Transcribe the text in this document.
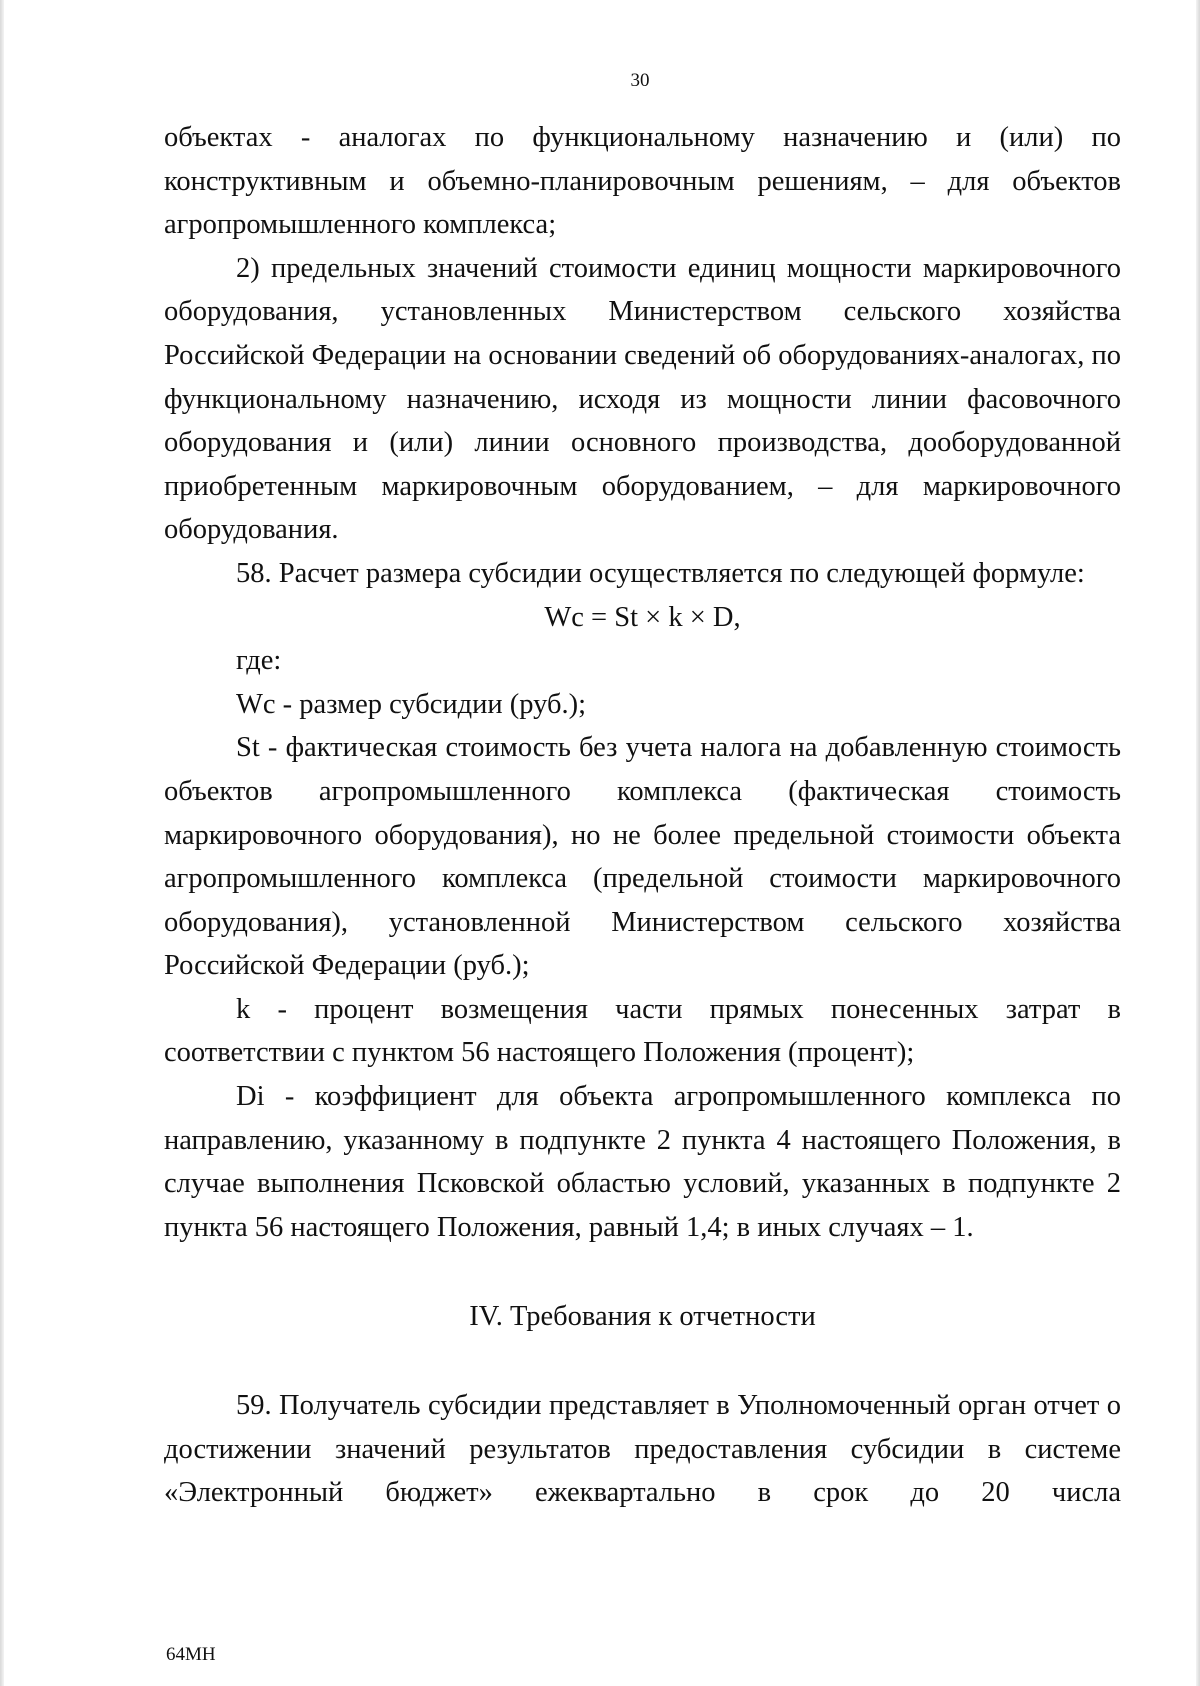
30

объектах - аналогах по функциональному назначению и (или) по конструктивным и объемно-планировочным решениям, – для объектов агропромышленного комплекса;

2) предельных значений стоимости единиц мощности маркировочного оборудования, установленных Министерством сельского хозяйства Российской Федерации на основании сведений об оборудованиях-аналогах, по функциональному назначению, исходя из мощности линии фасовочного оборудования и (или) линии основного производства, дооборудованной приобретенным маркировочным оборудованием, – для маркировочного оборудования.

58. Расчет размера субсидии осуществляется по следующей формуле:

Wc = St × k × D,

где:

Wc - размер субсидии (руб.);

St - фактическая стоимость без учета налога на добавленную стоимость объектов агропромышленного комплекса (фактическая стоимость маркировочного оборудования), но не более предельной стоимости объекта агропромышленного комплекса (предельной стоимости маркировочного оборудования), установленной Министерством сельского хозяйства Российской Федерации (руб.);

k - процент возмещения части прямых понесенных затрат в соответствии с пунктом 56 настоящего Положения (процент);

Di - коэффициент для объекта агропромышленного комплекса по направлению, указанному в подпункте 2 пункта 4 настоящего Положения, в случае выполнения Псковской областью условий, указанных в подпункте 2 пункта 56 настоящего Положения, равный 1,4; в иных случаях – 1.

IV. Требования к отчетности

59. Получатель субсидии представляет в Уполномоченный орган отчет о достижении значений результатов предоставления субсидии в системе «Электронный бюджет» ежеквартально в срок до 20 числа

64МН
